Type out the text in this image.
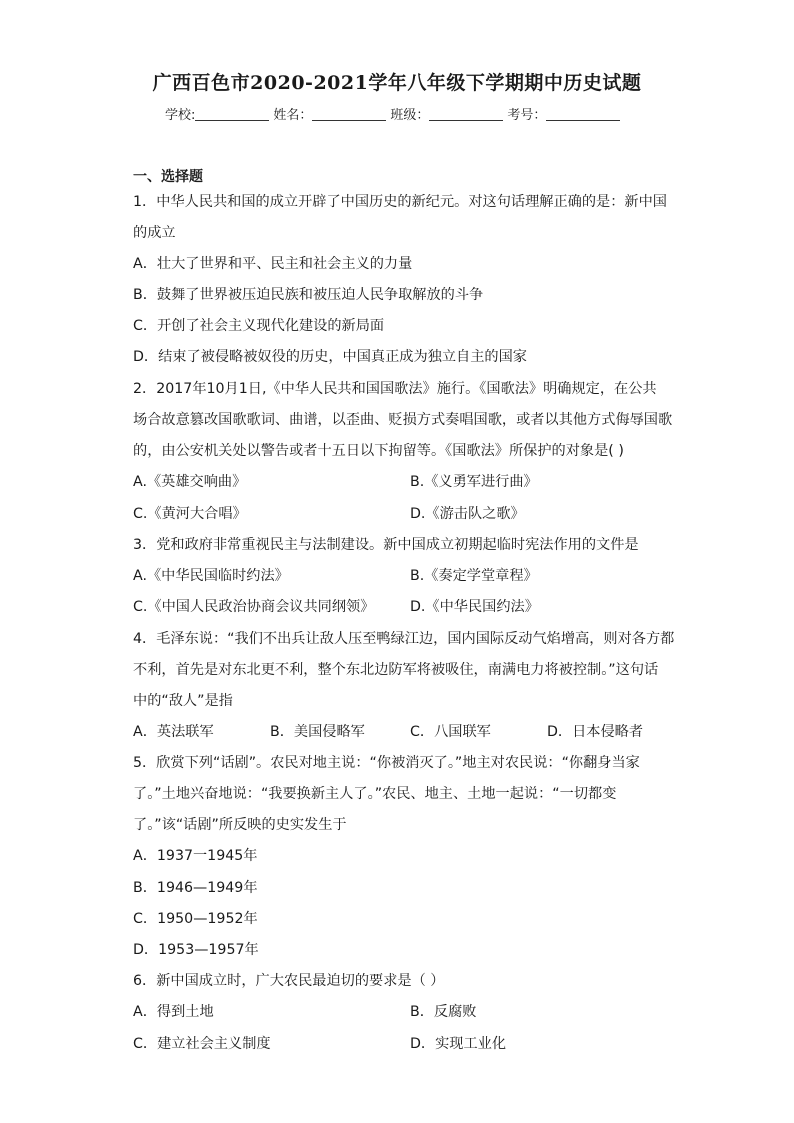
广西百色市2020-2021学年八年级下学期期中历史试题
学校:	姓名：	班级：	考号：
一、选择题
1．中华人民共和国的成立开辟了中国历史的新纪元。对这句话理解正确的是：新中国
的成立
A．壮大了世界和平、民主和社会主义的力量
B．鼓舞了世界被压迫民族和被压迫人民争取解放的斗争
C．开创了社会主义现代化建设的新局面
D．结束了被侵略被奴役的历史，中国真正成为独立自主的国家
2．2017年10月1日,《中华人民共和国国歌法》施行。《国歌法》明确规定，在公共
场合故意篡改国歌歌词、曲谱，以歪曲、贬损方式奏唱国歌，或者以其他方式侮辱国歌
的，由公安机关处以警告或者十五日以下拘留等。《国歌法》所保护的对象是( )
A.《英雄交响曲》	B.《义勇军进行曲》
C.《黄河大合唱》	D.《游击队之歌》
3．党和政府非常重视民主与法制建设。新中国成立初期起临时宪法作用的文件是
A.《中华民国临时约法》	B.《奏定学堂章程》
C.《中国人民政治协商会议共同纲领》	D.《中华民国约法》
4．毛泽东说：“我们不出兵让敌人压至鸭绿江边，国内国际反动气焰增高，则对各方都
不利，首先是对东北更不利，整个东北边防军将被吸住，南满电力将被控制。”这句话
中的“敌人”是指
A．英法联军	B．美国侵略军	C．八国联军	D．日本侵略者
5．欣赏下列“话剧”。农民对地主说：“你被消灭了。”地主对农民说：“你翻身当家
了。”土地兴奋地说：“我要换新主人了。”农民、地主、土地一起说：“一切都变
了。”该“话剧”所反映的史实发生于
A．1937一1945年
B．1946—1949年
C．1950—1952年
D．1953—1957年
6．新中国成立时，广大农民最迫切的要求是（ ）
A．得到土地	B．反腐败
C．建立社会主义制度	D．实现工业化
